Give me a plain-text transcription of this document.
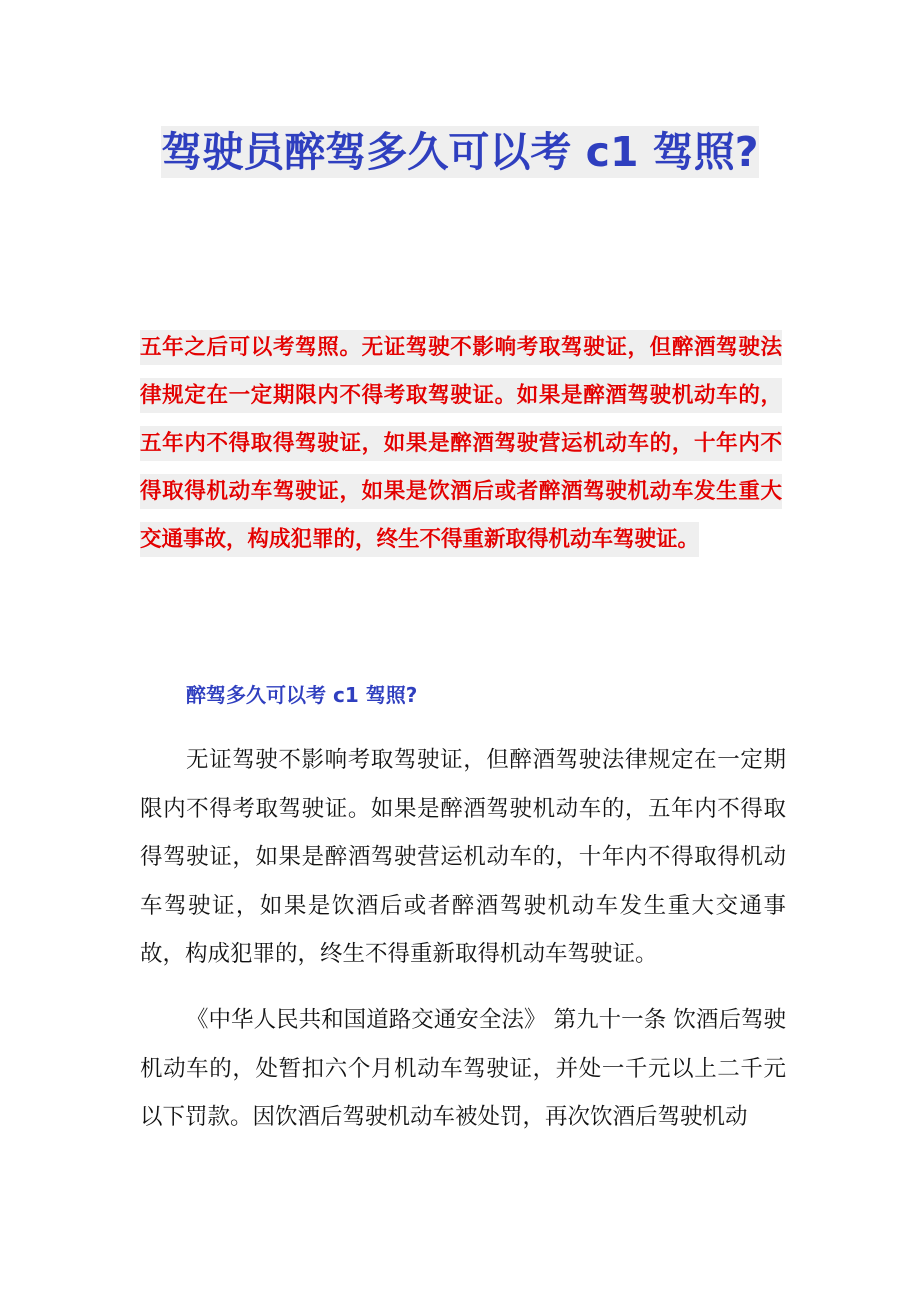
驾驶员醉驾多久可以考 c1 驾照?
五年之后可以考驾照。无证驾驶不影响考取驾驶证，但醉酒驾驶法律规定在一定期限内不得考取驾驶证。如果是醉酒驾驶机动车的，五年内不得取得驾驶证，如果是醉酒驾驶营运机动车的，十年内不得取得机动车驾驶证，如果是饮酒后或者醉酒驾驶机动车发生重大交通事故，构成犯罪的，终生不得重新取得机动车驾驶证。
醉驾多久可以考 c1 驾照?

无证驾驶不影响考取驾驶证，但醉酒驾驶法律规定在一定期限内不得考取驾驶证。如果是醉酒驾驶机动车的，五年内不得取得驾驶证，如果是醉酒驾驶营运机动车的，十年内不得取得机动车驾驶证，如果是饮酒后或者醉酒驾驶机动车发生重大交通事故，构成犯罪的，终生不得重新取得机动车驾驶证。

《中华人民共和国道路交通安全法》 第九十一条 饮酒后驾驶机动车的，处暂扣六个月机动车驾驶证，并处一千元以上二千元以下罚款。因饮酒后驾驶机动车被处罚，再次饮酒后驾驶机动
